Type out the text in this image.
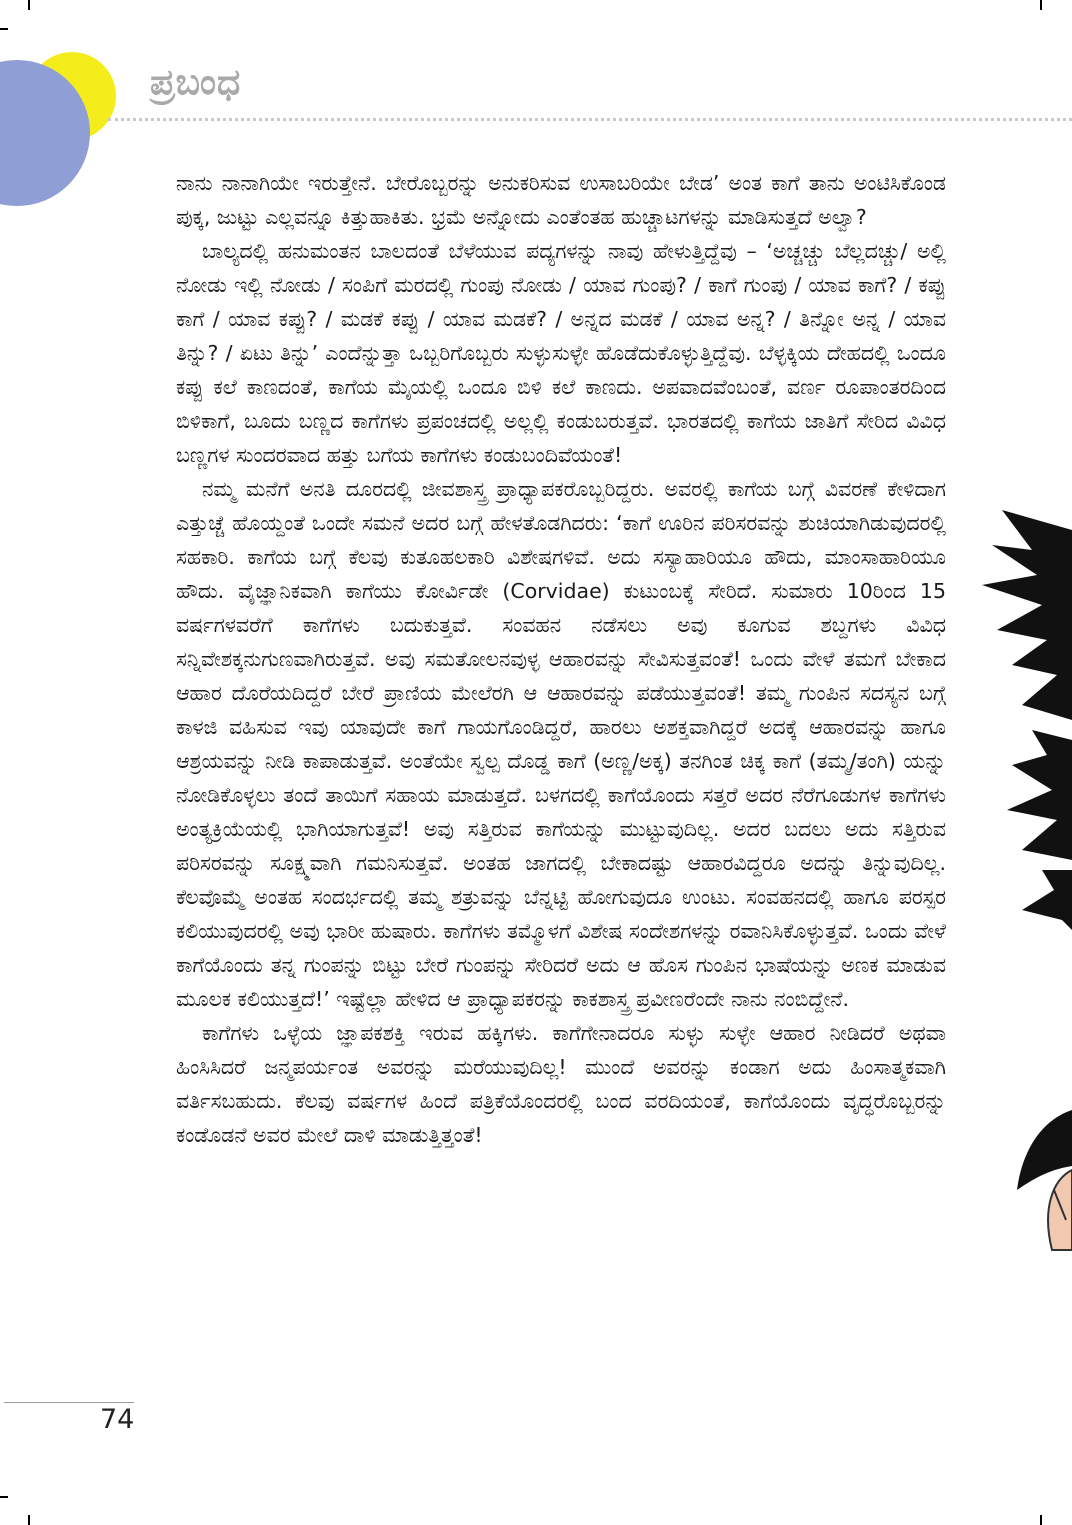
ಪ್ರಬಂಧ

ನಾನು ನಾನಾಗಿಯೇ ಇರುತ್ತೇನೆ. ಬೇರೊಬ್ಬರನ್ನು ಅನುಕರಿಸುವ ಉಸಾಬರಿಯೇ ಬೇಡ’ ಅಂತ ಕಾಗೆ ತಾನು ಅಂಟಿಸಿಕೊಂಡ ಪುಕ್ಕ, ಜುಟ್ಟು ಎಲ್ಲವನ್ನೂ ಕಿತ್ತುಹಾಕಿತು. ಭ್ರಮೆ ಅನ್ನೋದು ಎಂತೆಂತಹ ಹುಚ್ಚಾಟಗಳನ್ನು ಮಾಡಿಸುತ್ತದೆ ಅಲ್ವಾ?

ಬಾಲ್ಯದಲ್ಲಿ ಹನುಮಂತನ ಬಾಲದಂತೆ ಬೆಳೆಯುವ ಪದ್ಯಗಳನ್ನು ನಾವು ಹೇಳುತ್ತಿದ್ದೆವು – ‘ಅಚ್ಚಚ್ಚು ಬೆಲ್ಲದಚ್ಚು/ ಅಲ್ಲಿ ನೋಡು ಇಲ್ಲಿ ನೋಡು / ಸಂಪಿಗೆ ಮರದಲ್ಲಿ ಗುಂಪು ನೋಡು / ಯಾವ ಗುಂಪು? / ಕಾಗೆ ಗುಂಪು / ಯಾವ ಕಾಗೆ? / ಕಪ್ಪು ಕಾಗೆ / ಯಾವ ಕಪ್ಪು? / ಮಡಕೆ ಕಪ್ಪು / ಯಾವ ಮಡಕೆ? / ಅನ್ನದ ಮಡಕೆ / ಯಾವ ಅನ್ನ? / ತಿನ್ನೋ ಅನ್ನ / ಯಾವ ತಿನ್ನು? / ಏಟು ತಿನ್ನು’ ಎಂದೆನ್ನುತ್ತಾ ಒಬ್ಬರಿಗೊಬ್ಬರು ಸುಳ್ಳುಸುಳ್ಳೇ ಹೊಡೆದುಕೊಳ್ಳುತ್ತಿದ್ದೆವು. ಬೆಳ್ಳಕ್ಕಿಯ ದೇಹದಲ್ಲಿ ಒಂದೂ ಕಪ್ಪು ಕಲೆ ಕಾಣದಂತೆ, ಕಾಗೆಯ ಮೈಯಲ್ಲಿ ಒಂದೂ ಬಿಳಿ ಕಲೆ ಕಾಣದು. ಅಪವಾದವೆಂಬಂತೆ, ವರ್ಣ ರೂಪಾಂತರದಿಂದ ಬಿಳಿಕಾಗೆ, ಬೂದು ಬಣ್ಣದ ಕಾಗೆಗಳು ಪ್ರಪಂಚದಲ್ಲಿ ಅಲ್ಲಲ್ಲಿ ಕಂಡುಬರುತ್ತವೆ. ಭಾರತದಲ್ಲಿ ಕಾಗೆಯ ಜಾತಿಗೆ ಸೇರಿದ ವಿವಿಧ ಬಣ್ಣಗಳ ಸುಂದರವಾದ ಹತ್ತು ಬಗೆಯ ಕಾಗೆಗಳು ಕಂಡುಬಂದಿವೆಯಂತೆ!

ನಮ್ಮ ಮನೆಗೆ ಅನತಿ ದೂರದಲ್ಲಿ ಜೀವಶಾಸ್ತ್ರ ಪ್ರಾಧ್ಯಾಪಕರೊಬ್ಬರಿದ್ದರು. ಅವರಲ್ಲಿ ಕಾಗೆಯ ಬಗ್ಗೆ ವಿವರಣೆ ಕೇಳಿದಾಗ ಎತ್ತುಚ್ಚೆ ಹೊಯ್ದಂತೆ ಒಂದೇ ಸಮನೆ ಅದರ ಬಗ್ಗೆ ಹೇಳತೊಡಗಿದರು: ‘ಕಾಗೆ ಊರಿನ ಪರಿಸರವನ್ನು ಶುಚಿಯಾಗಿಡುವುದರಲ್ಲಿ ಸಹಕಾರಿ. ಕಾಗೆಯ ಬಗ್ಗೆ ಕೆಲವು ಕುತೂಹಲಕಾರಿ ವಿಶೇಷಗಳಿವೆ. ಅದು ಸಸ್ಯಾಹಾರಿಯೂ ಹೌದು, ಮಾಂಸಾಹಾರಿಯೂ ಹೌದು. ವೈಜ್ಞಾನಿಕವಾಗಿ ಕಾಗೆಯು ಕೋರ್ವಿಡೇ (Corvidae) ಕುಟುಂಬಕ್ಕೆ ಸೇರಿದೆ. ಸುಮಾರು 10ರಿಂದ 15 ವರ್ಷಗಳವರೆಗೆ ಕಾಗೆಗಳು ಬದುಕುತ್ತವೆ. ಸಂವಹನ ನಡೆಸಲು ಅವು ಕೂಗುವ ಶಬ್ದಗಳು ವಿವಿಧ ಸನ್ನಿವೇಶಕ್ಕನುಗುಣವಾಗಿರುತ್ತವೆ. ಅವು ಸಮತೋಲನವುಳ್ಳ ಆಹಾರವನ್ನು ಸೇವಿಸುತ್ತವಂತೆ! ಒಂದು ವೇಳೆ ತಮಗೆ ಬೇಕಾದ ಆಹಾರ ದೊರೆಯದಿದ್ದರೆ ಬೇರೆ ಪ್ರಾಣಿಯ ಮೇಲೆರಗಿ ಆ ಆಹಾರವನ್ನು ಪಡೆಯುತ್ತವಂತೆ! ತಮ್ಮ ಗುಂಪಿನ ಸದಸ್ಯನ ಬಗ್ಗೆ ಕಾಳಜಿ ವಹಿಸುವ ಇವು ಯಾವುದೇ ಕಾಗೆ ಗಾಯಗೊಂಡಿದ್ದರೆ, ಹಾರಲು ಅಶಕ್ತವಾಗಿದ್ದರೆ ಅದಕ್ಕೆ ಆಹಾರವನ್ನು ಹಾಗೂ ಆಶ್ರಯವನ್ನು ನೀಡಿ ಕಾಪಾಡುತ್ತವೆ. ಅಂತೆಯೇ ಸ್ವಲ್ಪ ದೊಡ್ಡ ಕಾಗೆ (ಅಣ್ಣ/ಅಕ್ಕ) ತನಗಿಂತ ಚಿಕ್ಕ ಕಾಗೆ (ತಮ್ಮ/ತಂಗಿ) ಯನ್ನು ನೋಡಿಕೊಳ್ಳಲು ತಂದೆ ತಾಯಿಗೆ ಸಹಾಯ ಮಾಡುತ್ತದೆ. ಬಳಗದಲ್ಲಿ ಕಾಗೆಯೊಂದು ಸತ್ತರೆ ಅದರ ನೆರೆಗೂಡುಗಳ ಕಾಗೆಗಳು ಅಂತ್ಯಕ್ರಿಯೆಯಲ್ಲಿ ಭಾಗಿಯಾಗುತ್ತವೆ! ಅವು ಸತ್ತಿರುವ ಕಾಗೆಯನ್ನು ಮುಟ್ಟುವುದಿಲ್ಲ. ಅದರ ಬದಲು ಅದು ಸತ್ತಿರುವ ಪರಿಸರವನ್ನು ಸೂಕ್ಷ್ಮವಾಗಿ ಗಮನಿಸುತ್ತವೆ. ಅಂತಹ ಜಾಗದಲ್ಲಿ ಬೇಕಾದಷ್ಟು ಆಹಾರವಿದ್ದರೂ ಅದನ್ನು ತಿನ್ನುವುದಿಲ್ಲ. ಕೆಲವೊಮ್ಮೆ ಅಂತಹ ಸಂದರ್ಭದಲ್ಲಿ ತಮ್ಮ ಶತ್ರುವನ್ನು ಬೆನ್ನಟ್ಟಿ ಹೋಗುವುದೂ ಉಂಟು. ಸಂವಹನದಲ್ಲಿ ಹಾಗೂ ಪರಸ್ಪರ ಕಲಿಯುವುದರಲ್ಲಿ ಅವು ಭಾರೀ ಹುಷಾರು. ಕಾಗೆಗಳು ತಮ್ಮೊಳಗೆ ವಿಶೇಷ ಸಂದೇಶಗಳನ್ನು ರವಾನಿಸಿಕೊಳ್ಳುತ್ತವೆ. ಒಂದು ವೇಳೆ ಕಾಗೆಯೊಂದು ತನ್ನ ಗುಂಪನ್ನು ಬಿಟ್ಟು ಬೇರೆ ಗುಂಪನ್ನು ಸೇರಿದರೆ ಅದು ಆ ಹೊಸ ಗುಂಪಿನ ಭಾಷೆಯನ್ನು ಅಣಕ ಮಾಡುವ ಮೂಲಕ ಕಲಿಯುತ್ತದೆ!’ ಇಷ್ಟೆಲ್ಲಾ ಹೇಳಿದ ಆ ಪ್ರಾಧ್ಯಾಪಕರನ್ನು ಕಾಕಶಾಸ್ತ್ರ ಪ್ರವೀಣರೆಂದೇ ನಾನು ನಂಬಿದ್ದೇನೆ.

ಕಾಗೆಗಳು ಒಳ್ಳೆಯ ಜ್ಞಾಪಕಶಕ್ತಿ ಇರುವ ಹಕ್ಕಿಗಳು. ಕಾಗೆಗೇನಾದರೂ ಸುಳ್ಳು ಸುಳ್ಳೇ ಆಹಾರ ನೀಡಿದರೆ ಅಥವಾ ಹಿಂಸಿಸಿದರೆ ಜನ್ಮಪರ್ಯಂತ ಅವರನ್ನು ಮರೆಯುವುದಿಲ್ಲ! ಮುಂದೆ ಅವರನ್ನು ಕಂಡಾಗ ಅದು ಹಿಂಸಾತ್ಮಕವಾಗಿ ವರ್ತಿಸಬಹುದು. ಕೆಲವು ವರ್ಷಗಳ ಹಿಂದೆ ಪತ್ರಿಕೆಯೊಂದರಲ್ಲಿ ಬಂದ ವರದಿಯಂತೆ, ಕಾಗೆಯೊಂದು ವೃದ್ಧರೊಬ್ಬರನ್ನು ಕಂಡೊಡನೆ ಅವರ ಮೇಲೆ ದಾಳಿ ಮಾಡುತ್ತಿತ್ತಂತೆ!

74
